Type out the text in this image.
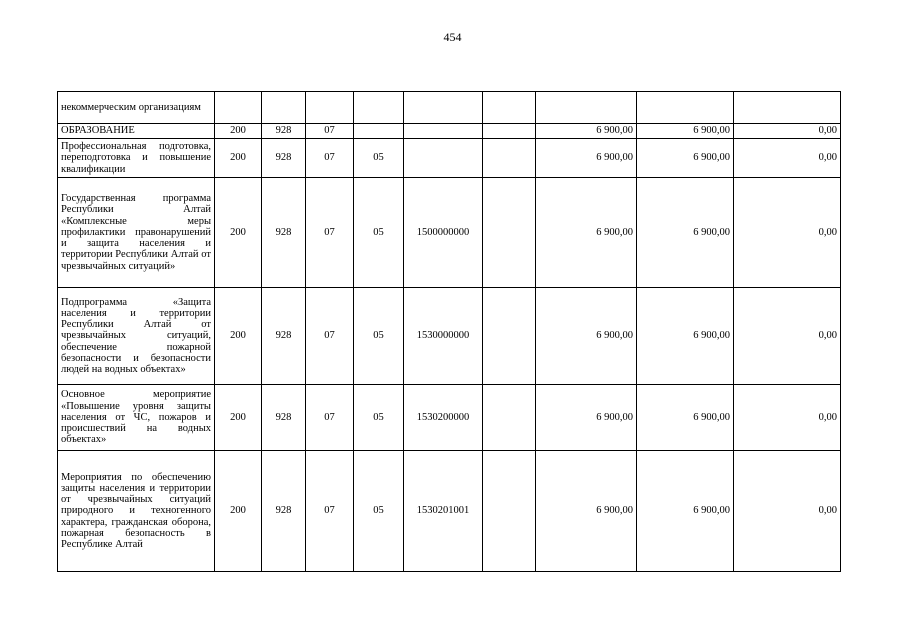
454
некоммерческим организациям									
ОБРАЗОВАНИЕ	200	928	07				6 900,00	6 900,00	0,00
Профессиональная подготовка, переподготовка и повышение квалификации	200	928	07	05			6 900,00	6 900,00	0,00
Государственная программа Республики Алтай «Комплексные меры профилактики правонарушений и защита населения и территории Республики Алтай от чрезвычайных ситуаций»	200	928	07	05	1500000000		6 900,00	6 900,00	0,00
Подпрограмма «Защита населения и территории Республики Алтай от чрезвычайных ситуаций, обеспечение пожарной безопасности и безопасности людей на водных объектах»	200	928	07	05	1530000000		6 900,00	6 900,00	0,00
Основное мероприятие «Повышение уровня защиты населения от ЧС, пожаров и происшествий на водных объектах»	200	928	07	05	1530200000		6 900,00	6 900,00	0,00
Мероприятия по обеспечению защиты населения и территории от чрезвычайных ситуаций природного и техногенного характера, гражданская оборона, пожарная безопасность в Республике Алтай	200	928	07	05	1530201001		6 900,00	6 900,00	0,00
